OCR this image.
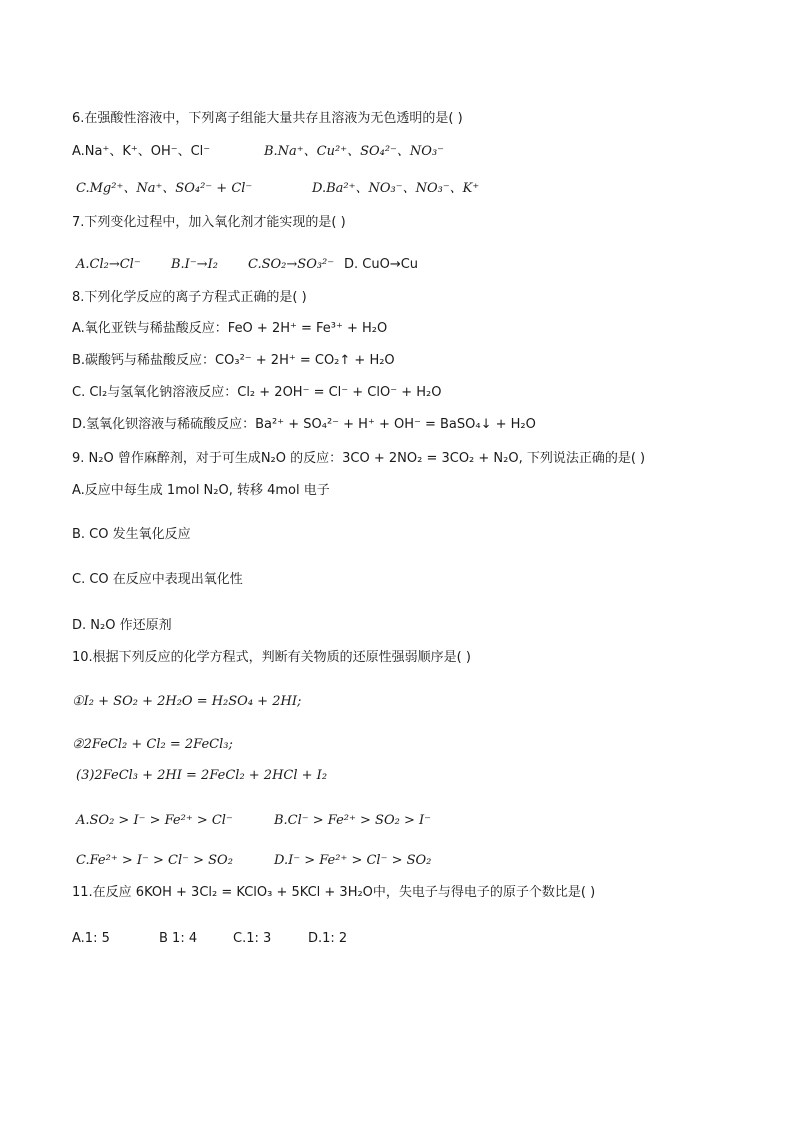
6.在强酸性溶液中，下列离子组能大量共存且溶液为无色透明的是( )
A.Na⁺、K⁺、OH⁻、Cl⁻	B.Na⁺、Cu²⁺、SO₄²⁻、NO₃⁻
C.Mg²⁺、Na⁺、SO₄²⁻ + Cl⁻	D.Ba²⁺、NO₃⁻、NO₃⁻、K⁺
7.下列变化过程中，加入氧化剂才能实现的是( )
A.Cl₂→Cl⁻ B.I⁻→I₂ C.SO₂→SO₃²⁻ D. CuO→Cu
8.下列化学反应的离子方程式正确的是( )
A.氧化亚铁与稀盐酸反应：FeO + 2H⁺ = Fe³⁺ + H₂O
B.碳酸钙与稀盐酸反应：CO₃²⁻ + 2H⁺ = CO₂↑ + H₂O
C. Cl₂与氢氧化钠溶液反应：Cl₂ + 2OH⁻ = Cl⁻ + ClO⁻ + H₂O
D.氢氧化钡溶液与稀硫酸反应：Ba²⁺ + SO₄²⁻ + H⁺ + OH⁻ = BaSO₄↓ + H₂O
9. N₂O 曾作麻醉剂，对于可生成N₂O 的反应：3CO + 2NO₂ = 3CO₂ + N₂O, 下列说法正确的是( )
A.反应中每生成 1mol N₂O, 转移 4mol 电子
B. CO 发生氧化反应
C. CO 在反应中表现出氧化性
D. N₂O 作还原剂
10.根据下列反应的化学方程式，判断有关物质的还原性强弱顺序是( )
①I₂ + SO₂ + 2H₂O = H₂SO₄ + 2HI;
②2FeCl₂ + Cl₂ = 2FeCl₃;
(3)2FeCl₃ + 2HI = 2FeCl₂ + 2HCl + I₂
A.SO₂ > I⁻ > Fe²⁺ > Cl⁻	B.Cl⁻ > Fe²⁺ > SO₂ > I⁻
C.Fe²⁺ > I⁻ > Cl⁻ > SO₂	D.I⁻ > Fe²⁺ > Cl⁻ > SO₂
11.在反应 6KOH + 3Cl₂ = KClO₃ + 5KCl + 3H₂O中，失电子与得电子的原子个数比是( )
A.1: 5	B 1: 4	C.1: 3	D.1: 2
